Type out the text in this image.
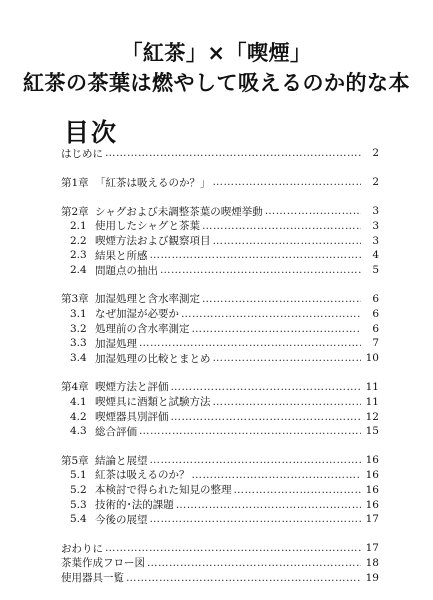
「紅茶」×「喫煙」
紅茶の茶葉は燃やして吸えるのか的な本
目次
はじめに …………………………………………………………………………………………………………………………………………	2
第1章 「紅茶は吸えるのか？」 …………………………………………………………………………………………………………………………………………	2
第2章 シャグおよび未調整茶葉の喫煙挙動 …………………………………………………………………………………………………………………………………………	3
2.1 使用したシャグと茶葉 …………………………………………………………………………………………………………………………………………	3
2.2 喫煙方法および観察項目 …………………………………………………………………………………………………………………………………………	3
2.3 結果と所感 …………………………………………………………………………………………………………………………………………	4
2.4 問題点の抽出 …………………………………………………………………………………………………………………………………………	5
第3章 加湿処理と含水率測定 …………………………………………………………………………………………………………………………………………	6
3.1 なぜ加湿が必要か …………………………………………………………………………………………………………………………………………	6
3.2 処理前の含水率測定 …………………………………………………………………………………………………………………………………………	6
3.3 加湿処理 …………………………………………………………………………………………………………………………………………	7
3.4 加湿処理の比較とまとめ …………………………………………………………………………………………………………………………………………	10
第4章 喫煙方法と評価 …………………………………………………………………………………………………………………………………………	11
4.1 喫煙具に酒類と試験方法 …………………………………………………………………………………………………………………………………………	11
4.2 喫煙器具別評価 …………………………………………………………………………………………………………………………………………	12
4.3 総合評価 …………………………………………………………………………………………………………………………………………	15
第5章 結論と展望 …………………………………………………………………………………………………………………………………………	16
5.1 紅茶は吸えるのか？ …………………………………………………………………………………………………………………………………………	16
5.2 本検討で得られた知見の整理 …………………………………………………………………………………………………………………………………………	16
5.3 技術的･法的課題 …………………………………………………………………………………………………………………………………………	16
5.4 今後の展望 …………………………………………………………………………………………………………………………………………	17
おわりに …………………………………………………………………………………………………………………………………………	17
茶葉作成フロー図 …………………………………………………………………………………………………………………………………………	18
使用器具一覧 …………………………………………………………………………………………………………………………………………	19
